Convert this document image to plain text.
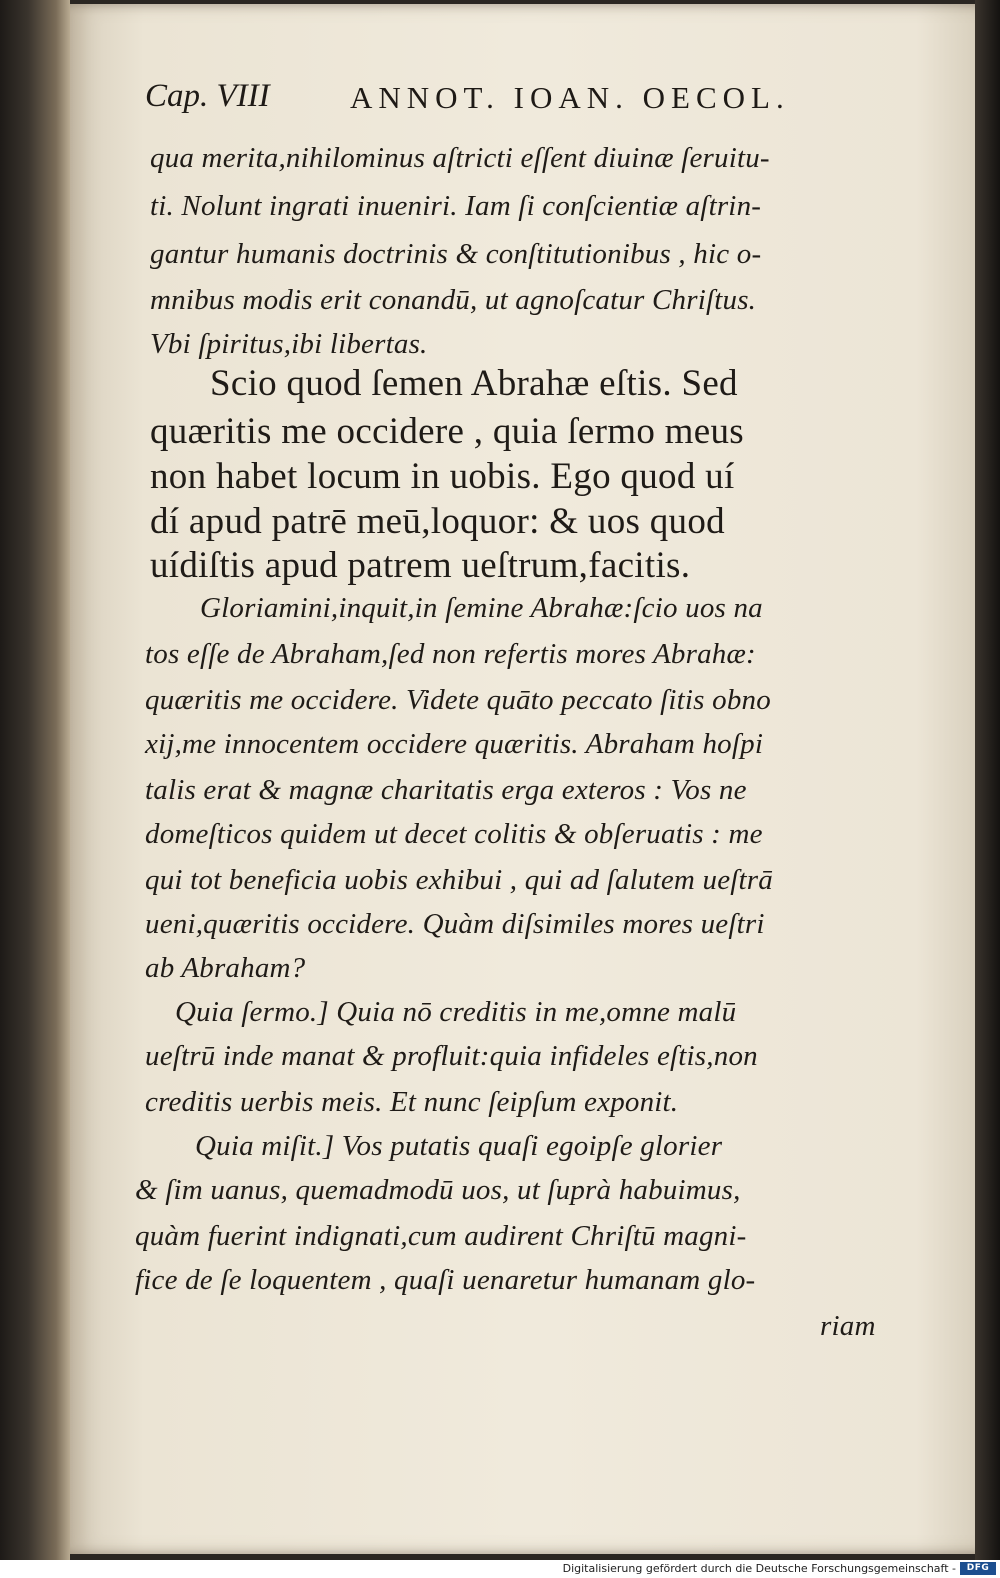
Cap. VIII	ANNOT. IOAN. OECOL.
qua merita,nihilominus aſtricti eſſent diuinæ ſeruitu-
ti. Nolunt ingrati inueniri. Iam ſi conſcientiæ aſtrin-
gantur humanis doctrinis & conſtitutionibus , hic o-
mnibus modis erit conandū, ut agnoſcatur Chriſtus.
Vbi ſpiritus,ibi libertas.
Scio quod ſemen Abrahæ eſtis. Sed
quæritis me occidere , quia ſermo meus
non habet locum in uobis. Ego quod uí
dí apud patrē meū,loquor: & uos quod
uídiſtis apud patrem ueſtrum,facitis.
Gloriamini,inquit,in ſemine Abrahæ:ſcio uos na
tos eſſe de Abraham,ſed non refertis mores Abrahæ:
quæritis me occidere. Videte quāto peccato ſitis obno
xij,me innocentem occidere quæritis. Abraham hoſpi
talis erat & magnæ charitatis erga exteros : Vos ne
domeſticos quidem ut decet colitis & obſeruatis : me
qui tot beneficia uobis exhibui , qui ad ſalutem ueſtrā
ueni,quæritis occidere. Quàm diſsimiles mores ueſtri
ab Abraham?
Quia ſermo.] Quia nō creditis in me,omne malū
ueſtrū inde manat & profluit:quia infideles eſtis,non
creditis uerbis meis. Et nunc ſeipſum exponit.
Quia miſit.] Vos putatis quaſi egoipſe glorier
& ſim uanus, quemadmodū uos, ut ſuprà habuimus,
quàm fuerint indignati,cum audirent Chriſtū magni-
fice de ſe loquentem , quaſi uenaretur humanam glo-
riam
Digitalisierung gefördert durch die Deutsche Forschungsgemeinschaft -	DFG
